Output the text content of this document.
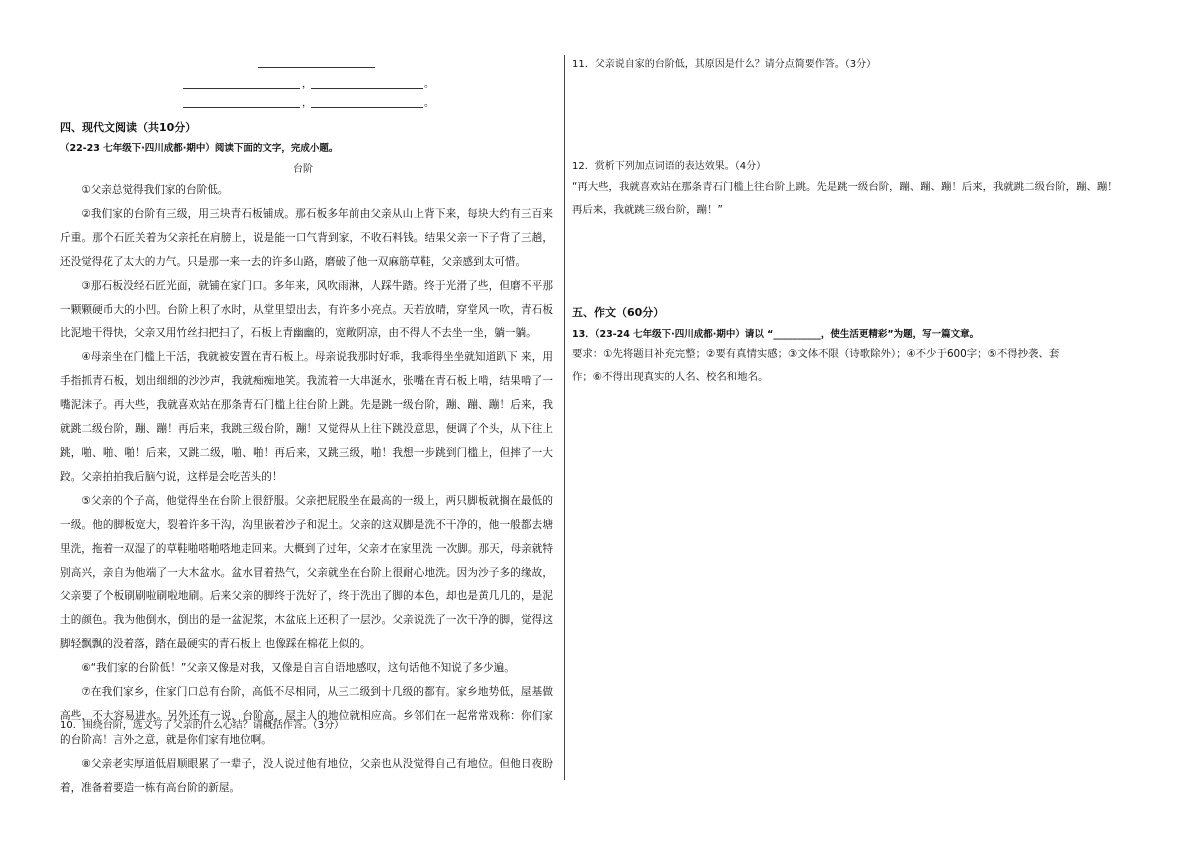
，	。
，	。
四、现代文阅读（共10分）
（22-23 七年级下·四川成都·期中）阅读下面的文字，完成小题。
台阶

①父亲总觉得我们家的台阶低。

②我们家的台阶有三级，用三块青石板铺成。那石板多年前由父亲从山上背下来，每块大约有三百来斤重。那个石匠关着为父亲托在肩膀上，说是能一口气背到家，不收石料钱。结果父亲一下子背了三趟，还没觉得花了太大的力气。只是那一来一去的许多山路，磨破了他一双麻筋草鞋，父亲感到太可惜。

③那石板没经石匠光面，就铺在家门口。多年来，风吹雨淋，人踩牛踏。终于光滑了些，但磨不平那一颗颗硬币大的小凹。台阶上积了水时，从堂里望出去，有许多小亮点。天若放晴，穿堂风一吹，青石板比泥地干得快，父亲又用竹丝扫把扫了，石板上青幽幽的，宽敞阴凉，由不得人不去坐一坐，躺一躺。

④母亲坐在门槛上干活，我就被安置在青石板上。母亲说我那时好乖，我乖得坐坐就知道趴下 来，用手指抓青石板，划出细细的沙沙声，我就痴痴地笑。我流着一大串涎水，张嘴在青石板上啃，结果啃了一嘴泥沫子。再大些，我就喜欢站在那条青石门槛上往台阶上跳。先是跳一级台阶，蹦、蹦、蹦！后来，我就跳二级台阶，蹦、蹦！再后来，我跳三级台阶，蹦！又觉得从上往下跳没意思，便调了个头，从下往上跳，啪、啪、啪！后来，又跳二级，啪、啪！再后来，又跳三级，啪！我想一步跳到门槛上，但摔了一大跤。父亲拍拍我后脑勺说，这样是会吃苦头的！

⑤父亲的个子高，他觉得坐在台阶上很舒服。父亲把屁股坐在最高的一级上，两只脚板就搁在最低的一级。他的脚板宽大，裂着许多干沟，沟里嵌着沙子和泥土。父亲的这双脚是洗不干净的，他一般都去塘里洗，拖着一双湿了的草鞋啪嗒啪嗒地走回来。大概到了过年，父亲才在家里洗 一次脚。那天，母亲就特别高兴，亲自为他端了一大木盆水。盆水冒着热气，父亲就坐在台阶上很耐心地洗。因为沙子多的缘故，父亲要了个板刷刷啦刷啦地刷。后来父亲的脚终于洗好了，终于洗出了脚的本色，却也是黄几几的，是泥土的颜色。我为他倒水，倒出的是一盆泥浆，木盆底上还积了一层沙。父亲说洗了一次干净的脚，觉得这脚轻飘飘的没着落，踏在最硬实的青石板上 也像踩在棉花上似的。

⑥“我们家的台阶低！”父亲又像是对我，又像是自言自语地感叹，这句话他不知说了多少遍。

⑦在我们家乡，住家门口总有台阶，高低不尽相同，从三二级到十几级的都有。家乡地势低，屋基做高些，不大容易进水。另外还有一说，台阶高，屋主人的地位就相应高。乡邻们在一起常常戏称：你们家的台阶高！言外之意，就是你们家有地位啊。

⑧父亲老实厚道低眉顺眼累了一辈子，没人说过他有地位，父亲也从没觉得自己有地位。但他日夜盼着，准备着要造一栋有高台阶的新屋。

10．围绕台阶，选文写了父亲的什么心结？请概括作答。（3分）
11．父亲说自家的台阶低，其原因是什么？请分点简要作答。（3分）
12．赏析下列加点词语的表达效果。（4分）
“再大些，我就喜欢站在那条青石门槛上往台阶上跳。先是跳一级台阶，蹦、蹦、蹦！后来，我就跳二级台阶，蹦、蹦！再后来，我就跳三级台阶，蹦！”
五、作文（60分）
13．（23-24 七年级下·四川成都·期中）请以 “__________，使生活更精彩”为题，写一篇文章。
要求：①先将题目补充完整；②要有真情实感；③文体不限（诗歌除外）；④不少于600字；⑤不得抄袭、套作；⑥不得出现真实的人名、校名和地名。
